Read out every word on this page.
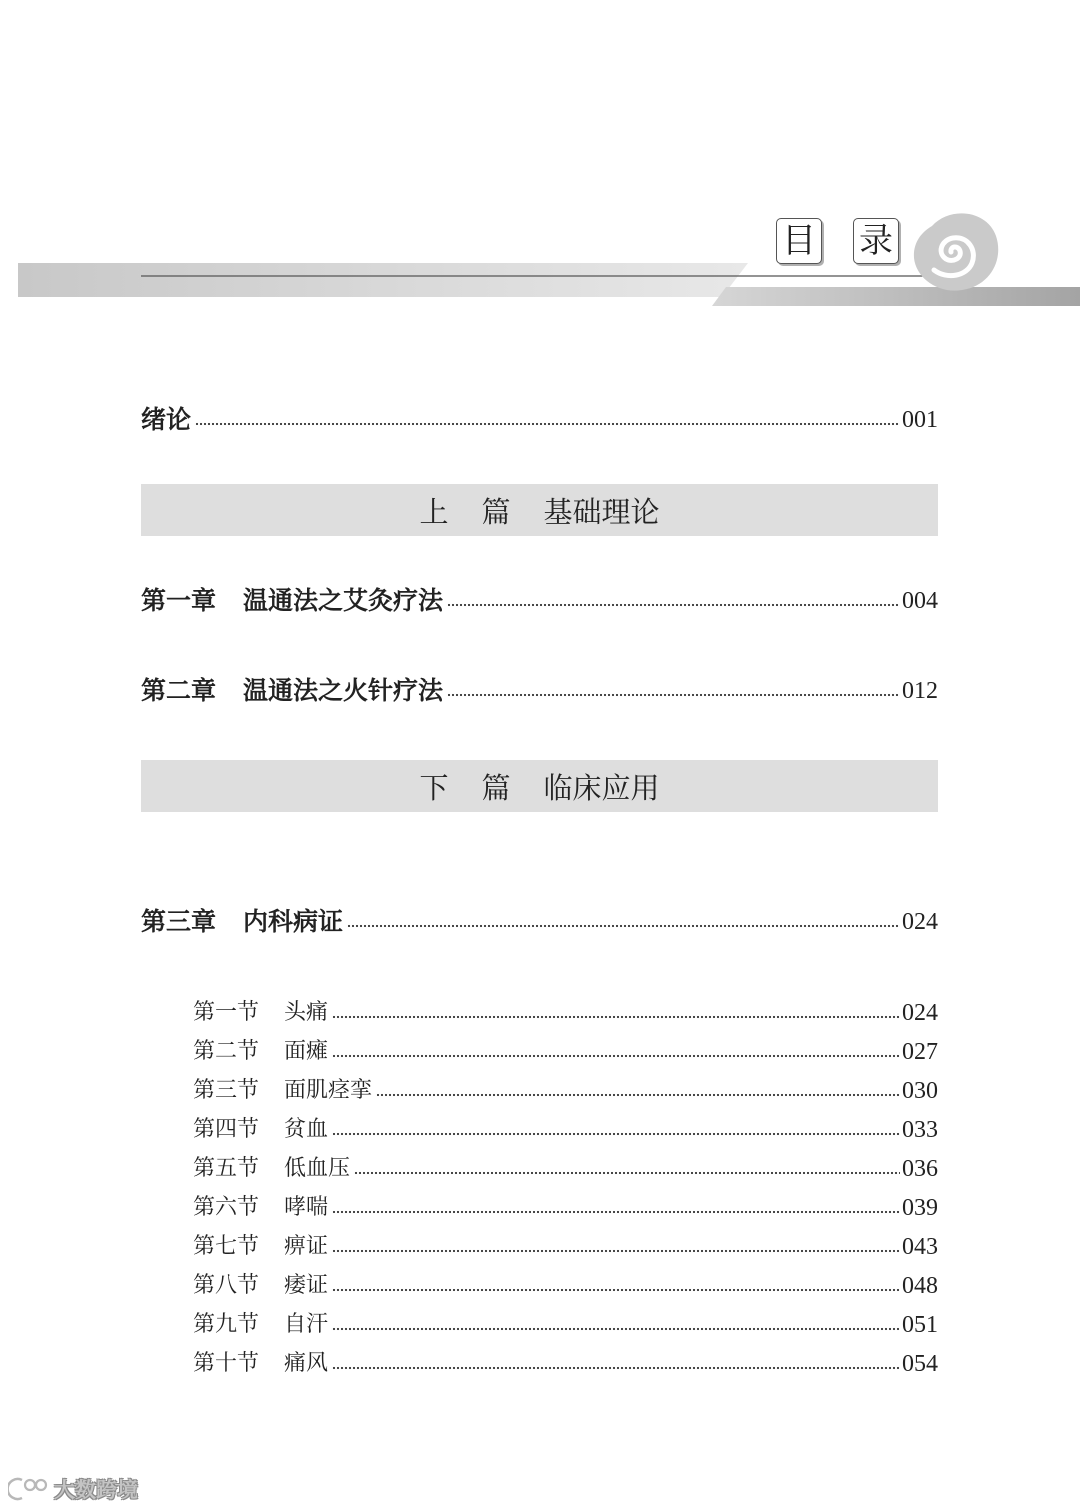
目 录
绪论	001
上 篇 基础理论
第一章 温通法之艾灸疗法	004
第二章 温通法之火针疗法	012
下 篇 临床应用
第三章 内科病证	024
第一节 头痛	024
第二节 面瘫	027
第三节 面肌痉挛	030
第四节 贫血	033
第五节 低血压	036
第六节 哮喘	039
第七节 痹证	043
第八节 痿证	048
第九节 自汗	051
第十节 痛风	054
大数跨境
